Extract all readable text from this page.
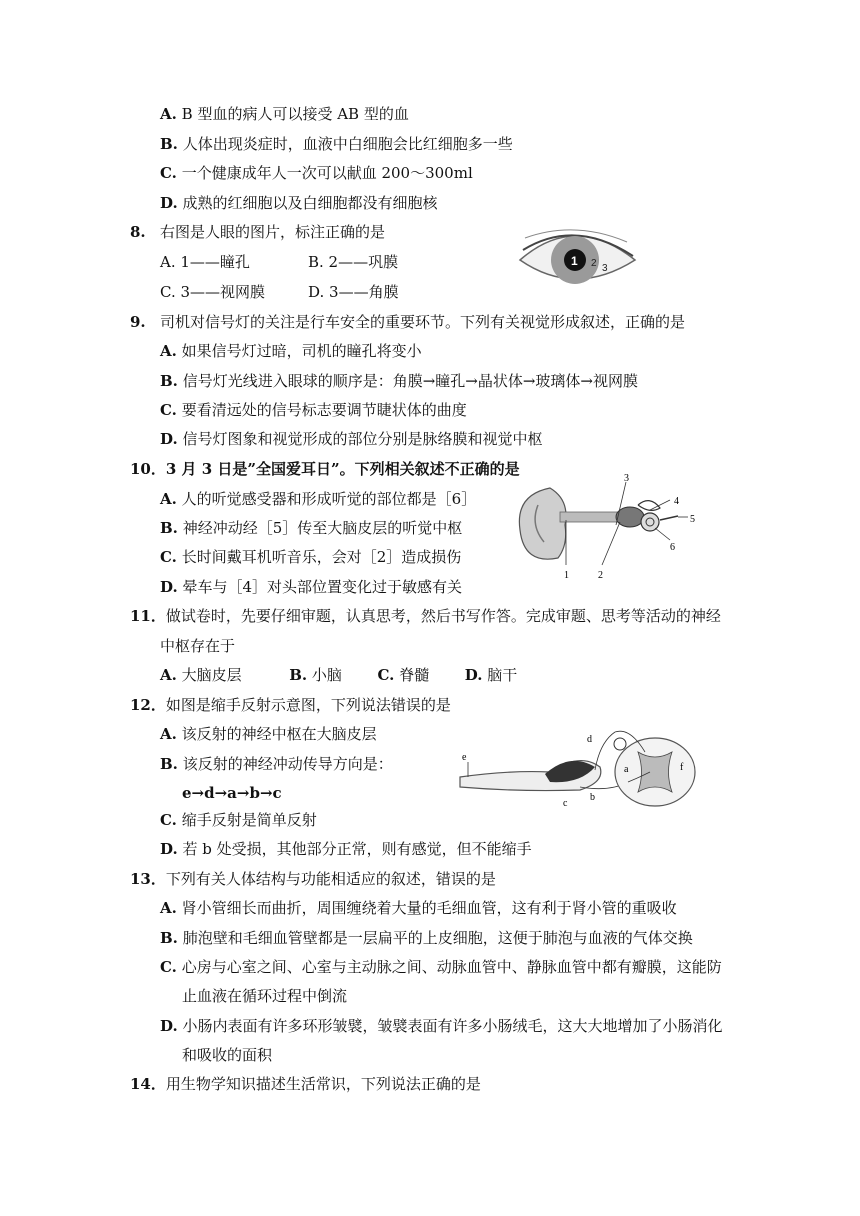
A. B 型血的病人可以接受 AB 型的血
B. 人体出现炎症时，血液中白细胞会比红细胞多一些
C. 一个健康成年人一次可以献血 200～300ml
D. 成熟的红细胞以及白细胞都没有细胞核
8. 右图是人眼的图片，标注正确的是
A. 1——瞳孔	B. 2——巩膜
C. 3——视网膜	D. 3——角膜
1 2 3
9. 司机对信号灯的关注是行车安全的重要环节。下列有关视觉形成叙述，正确的是
A. 如果信号灯过暗，司机的瞳孔将变小
B. 信号灯光线进入眼球的顺序是：角膜→瞳孔→晶状体→玻璃体→视网膜
C. 要看清远处的信号标志要调节睫状体的曲度
D. 信号灯图象和视觉形成的部位分别是脉络膜和视觉中枢
10．3 月 3 日是”全国爱耳日”。下列相关叙述不正确的是
A. 人的听觉感受器和形成听觉的部位都是［6］
B. 神经冲动经［5］传至大脑皮层的听觉中枢
C. 长时间戴耳机听音乐，会对［2］造成损伤
D. 晕车与［4］对头部位置变化过于敏感有关
1	2
3
4
5
6
11．做试卷时，先要仔细审题，认真思考，然后书写作答。完成审题、思考等活动的神经
中枢存在于
A. 大脑皮层	B. 小脑 C. 脊髓 D. 脑干
12．如图是缩手反射示意图，下列说法错误的是
A. 该反射的神经中枢在大脑皮层
B. 该反射的神经冲动传导方向是：
e→d→a→b→c
C. 缩手反射是简单反射
D. 若 b 处受损，其他部分正常，则有感觉，但不能缩手
e
d
a
b
c
f
13．下列有关人体结构与功能相适应的叙述，错误的是
A. 肾小管细长而曲折，周围缠绕着大量的毛细血管，这有利于肾小管的重吸收
B. 肺泡壁和毛细血管壁都是一层扁平的上皮细胞，这便于肺泡与血液的气体交换
C. 心房与心室之间、心室与主动脉之间、动脉血管中、静脉血管中都有瓣膜，这能防
止血液在循环过程中倒流
D. 小肠内表面有许多环形皱襞，皱襞表面有许多小肠绒毛，这大大地增加了小肠消化
和吸收的面积
14．用生物学知识描述生活常识，下列说法正确的是
